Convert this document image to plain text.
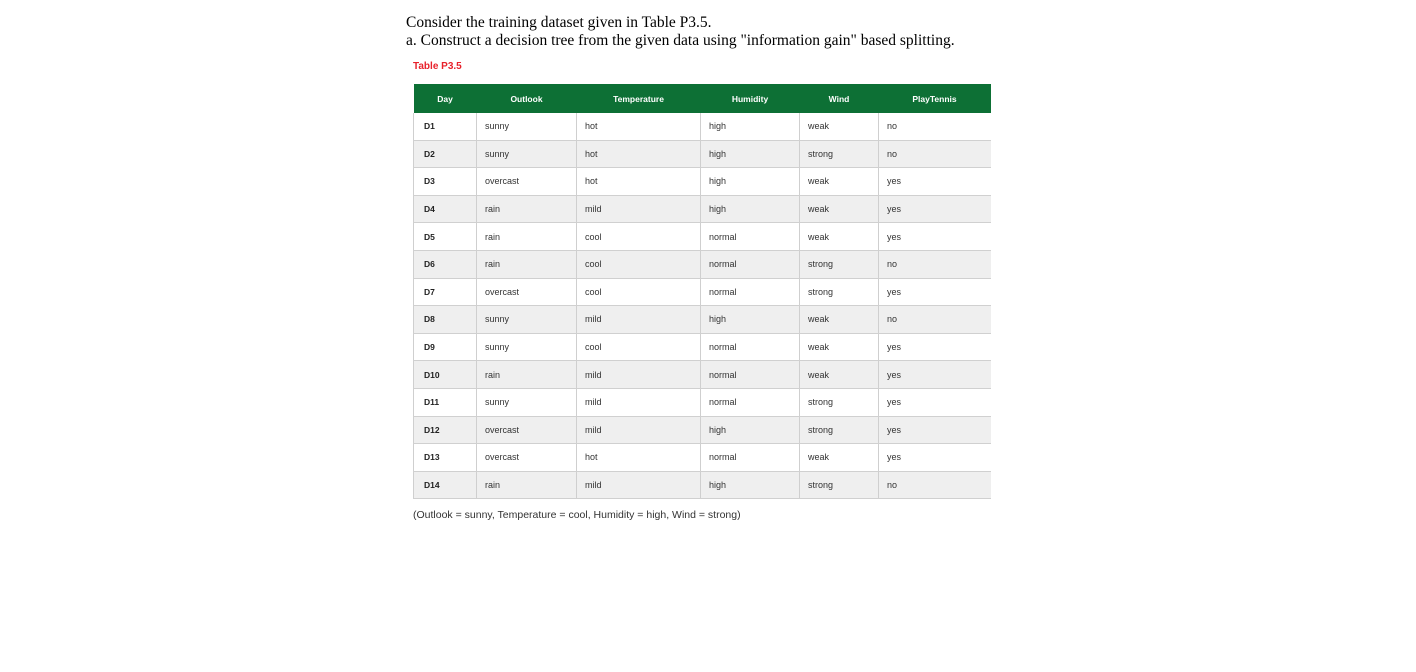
Consider the training dataset given in Table P3.5.

a. Construct a decision tree from the given data using "information gain" based splitting.

Table P3.5
Day	Outlook	Temperature	Humidity	Wind	PlayTennis
D1	sunny	hot	high	weak	no
D2	sunny	hot	high	strong	no
D3	overcast	hot	high	weak	yes
D4	rain	mild	high	weak	yes
D5	rain	cool	normal	weak	yes
D6	rain	cool	normal	strong	no
D7	overcast	cool	normal	strong	yes
D8	sunny	mild	high	weak	no
D9	sunny	cool	normal	weak	yes
D10	rain	mild	normal	weak	yes
D11	sunny	mild	normal	strong	yes
D12	overcast	mild	high	strong	yes
D13	overcast	hot	normal	weak	yes
D14	rain	mild	high	strong	no
(Outlook = sunny, Temperature = cool, Humidity = high, Wind = strong)
